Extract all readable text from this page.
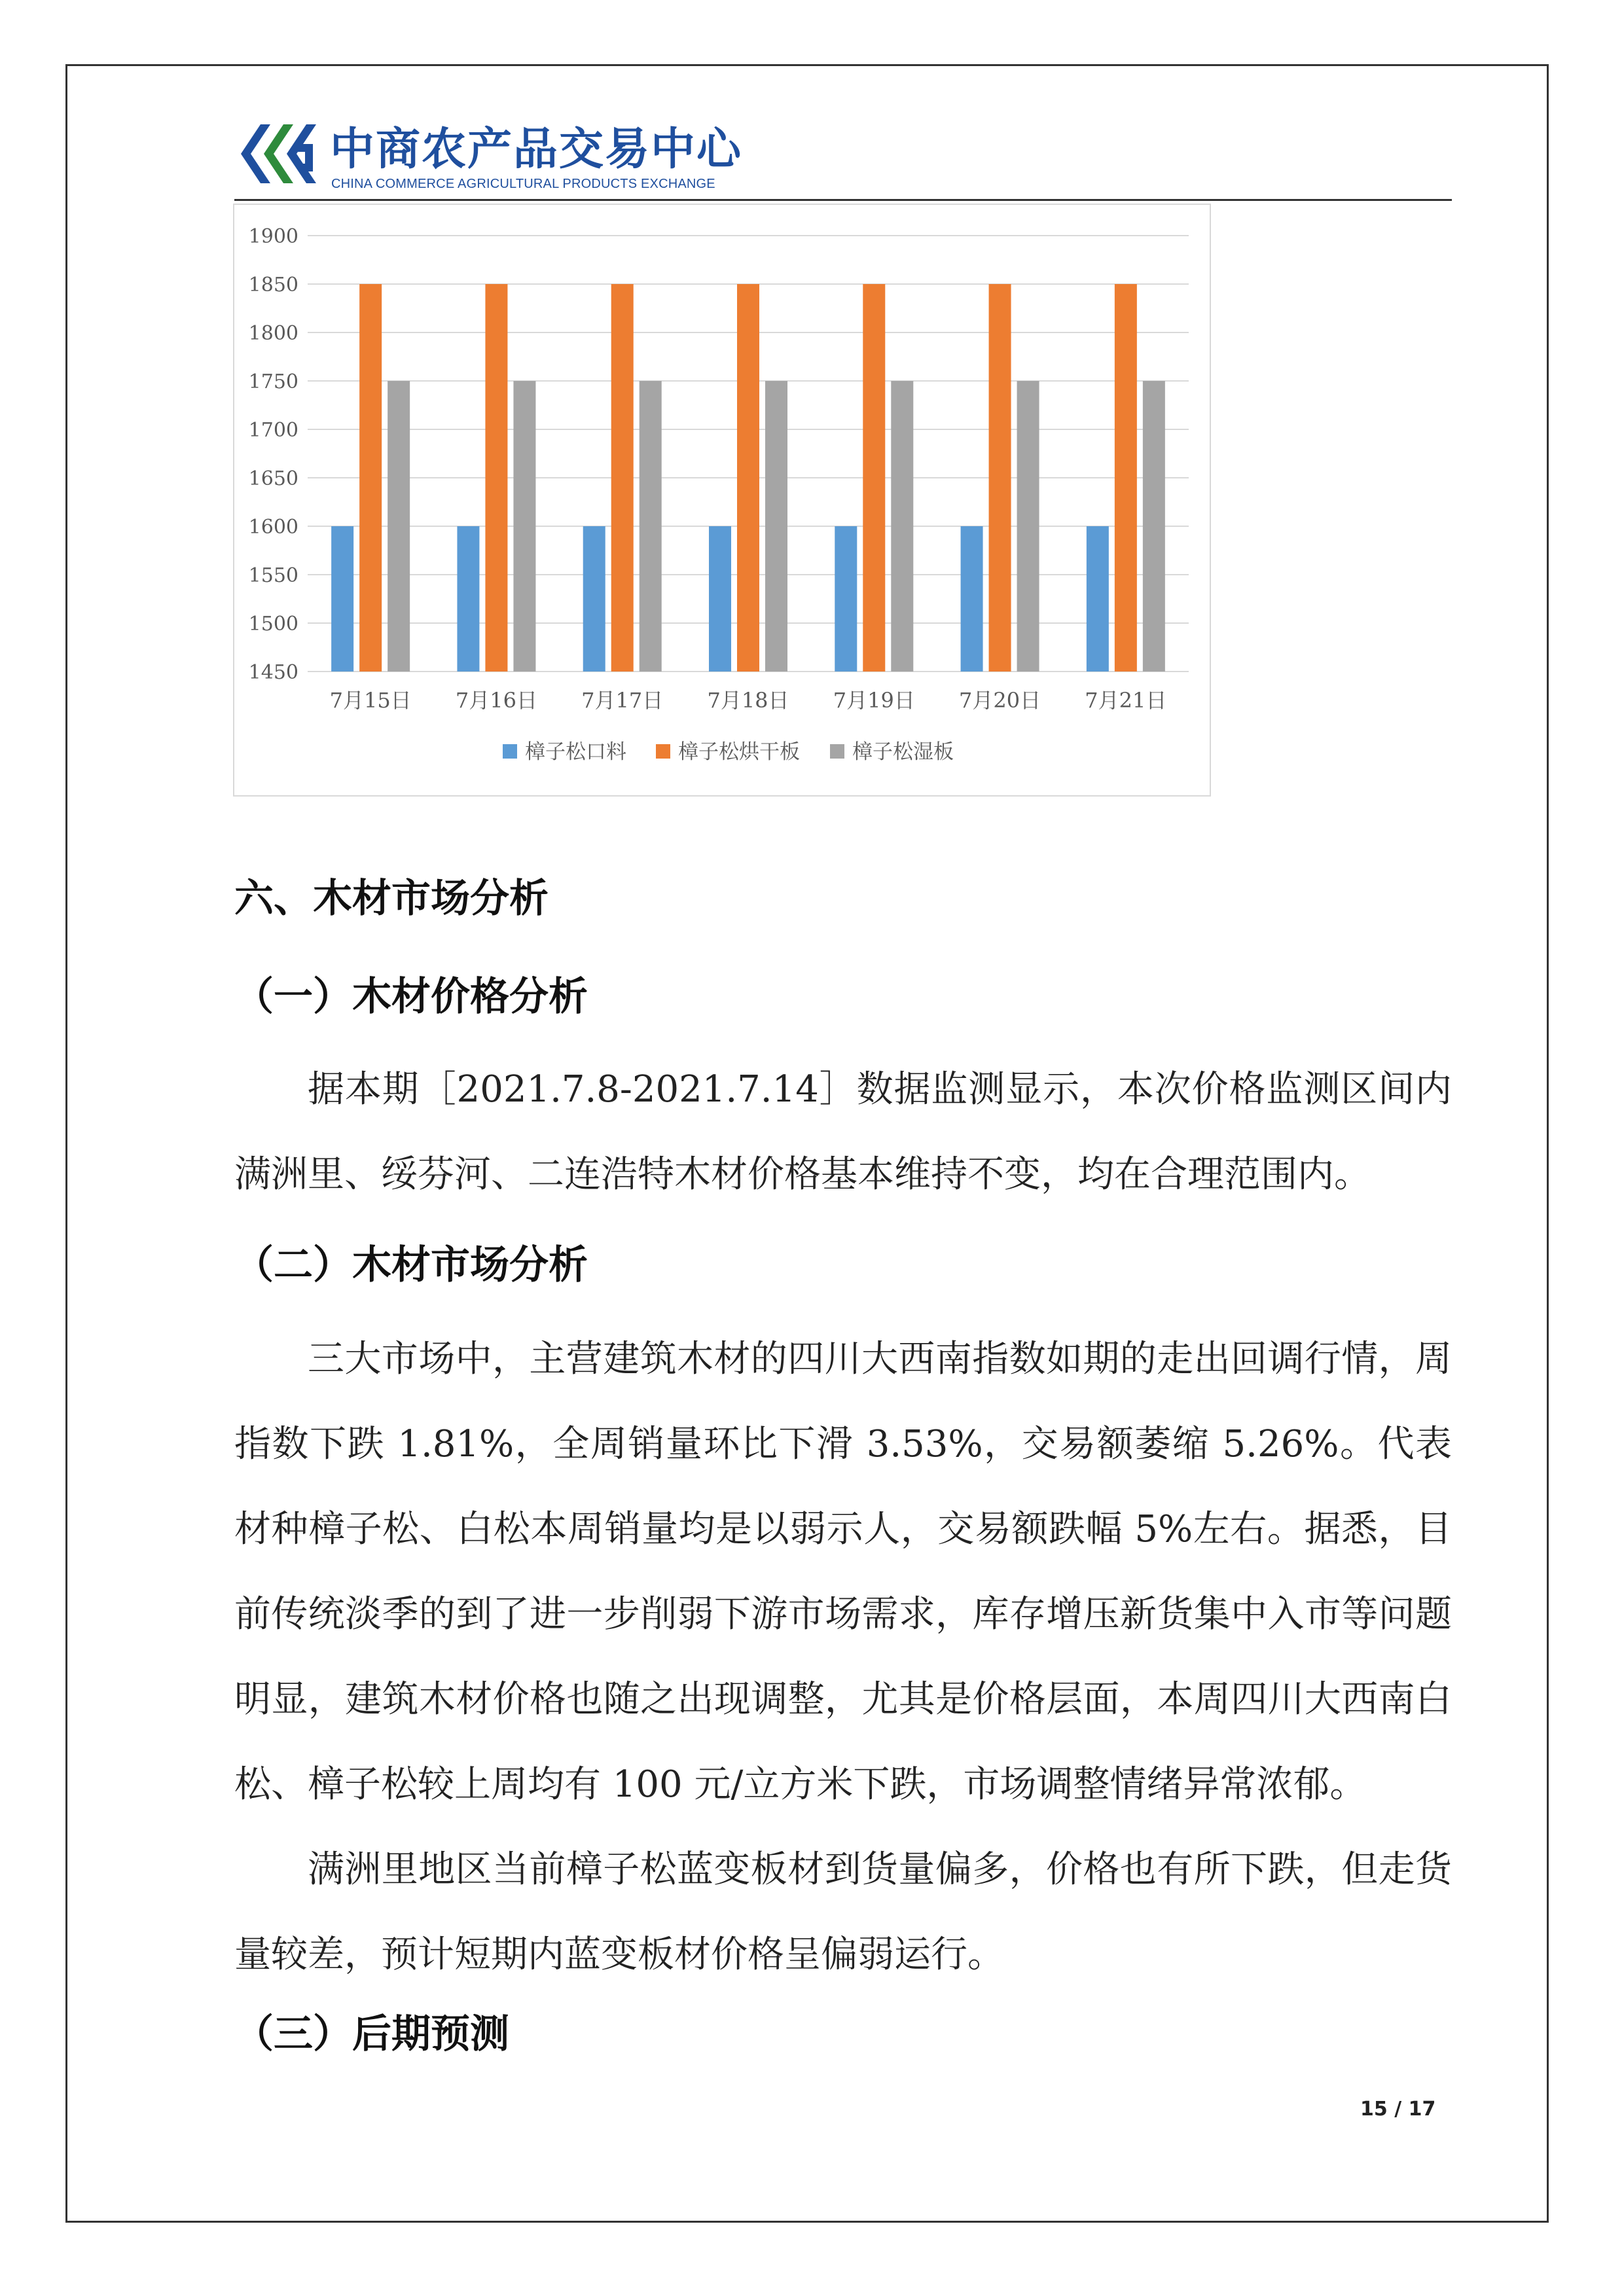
中商农产品交易中心
CHINA COMMERCE AGRICULTURAL PRODUCTS EXCHANGE
1900
1850
1800
1750
1700
1650
1600
1550
1500
1450
7月15日 7月16日 7月17日 7月18日 7月19日 7月20日 7月21日
樟子松口料	樟子松烘干板	樟子松湿板
六、木材市场分析
（一）木材价格分析
据本期［2021.7.8-2021.7.14］数据监测显示，本次价格监测区间内满洲里、绥芬河、二连浩特木材价格基本维持不变，均在合理范围内。
（二）木材市场分析
三大市场中，主营建筑木材的四川大西南指数如期的走出回调行情，周指数下跌 1.81%，全周销量环比下滑 3.53%，交易额萎缩 5.26%。代表材种樟子松、白松本周销量均是以弱示人，交易额跌幅 5%左右。据悉，目前传统淡季的到了进一步削弱下游市场需求，库存增压新货集中入市等问题明显，建筑木材价格也随之出现调整，尤其是价格层面，本周四川大西南白松、樟子松较上周均有 100 元/立方米下跌，市场调整情绪异常浓郁。
满洲里地区当前樟子松蓝变板材到货量偏多，价格也有所下跌，但走货量较差，预计短期内蓝变板材价格呈偏弱运行。
（三）后期预测
15 / 17
